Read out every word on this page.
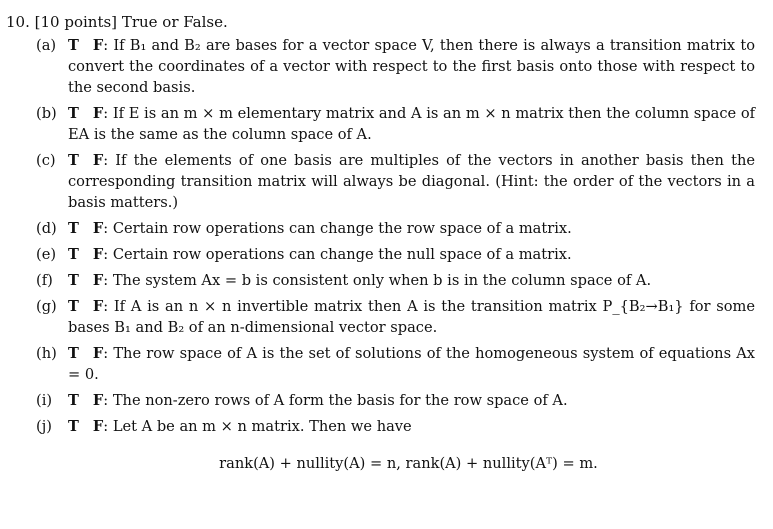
10. [10 points] True or False.
(a) T F: If B₁ and B₂ are bases for a vector space V, then there is always a transition matrix to convert the coordinates of a vector with respect to the first basis onto those with respect to the second basis.
(b) T F: If E is an m × m elementary matrix and A is an m × n matrix then the column space of EA is the same as the column space of A.
(c) T F: If the elements of one basis are multiples of the vectors in another basis then the corresponding transition matrix will always be diagonal. (Hint: the order of the vectors in a basis matters.)
(d) T F: Certain row operations can change the row space of a matrix.
(e) T F: Certain row operations can change the null space of a matrix.
(f)	T F: The system Ax = b is consistent only when b is in the column space of A.
(g) T F: If A is an n × n invertible matrix then A is the transition matrix P_{B₂→B₁} for some bases B₁ and B₂ of an n-dimensional vector space.
(h) T F: The row space of A is the set of solutions of the homogeneous system of equations Ax = 0.
(i)	T F: The non-zero rows of A form the basis for the row space of A.
(j)	T F: Let A be an m × n matrix. Then we have
rank(A) + nullity(A) = n, rank(A) + nullity(Aᵀ) = m.
